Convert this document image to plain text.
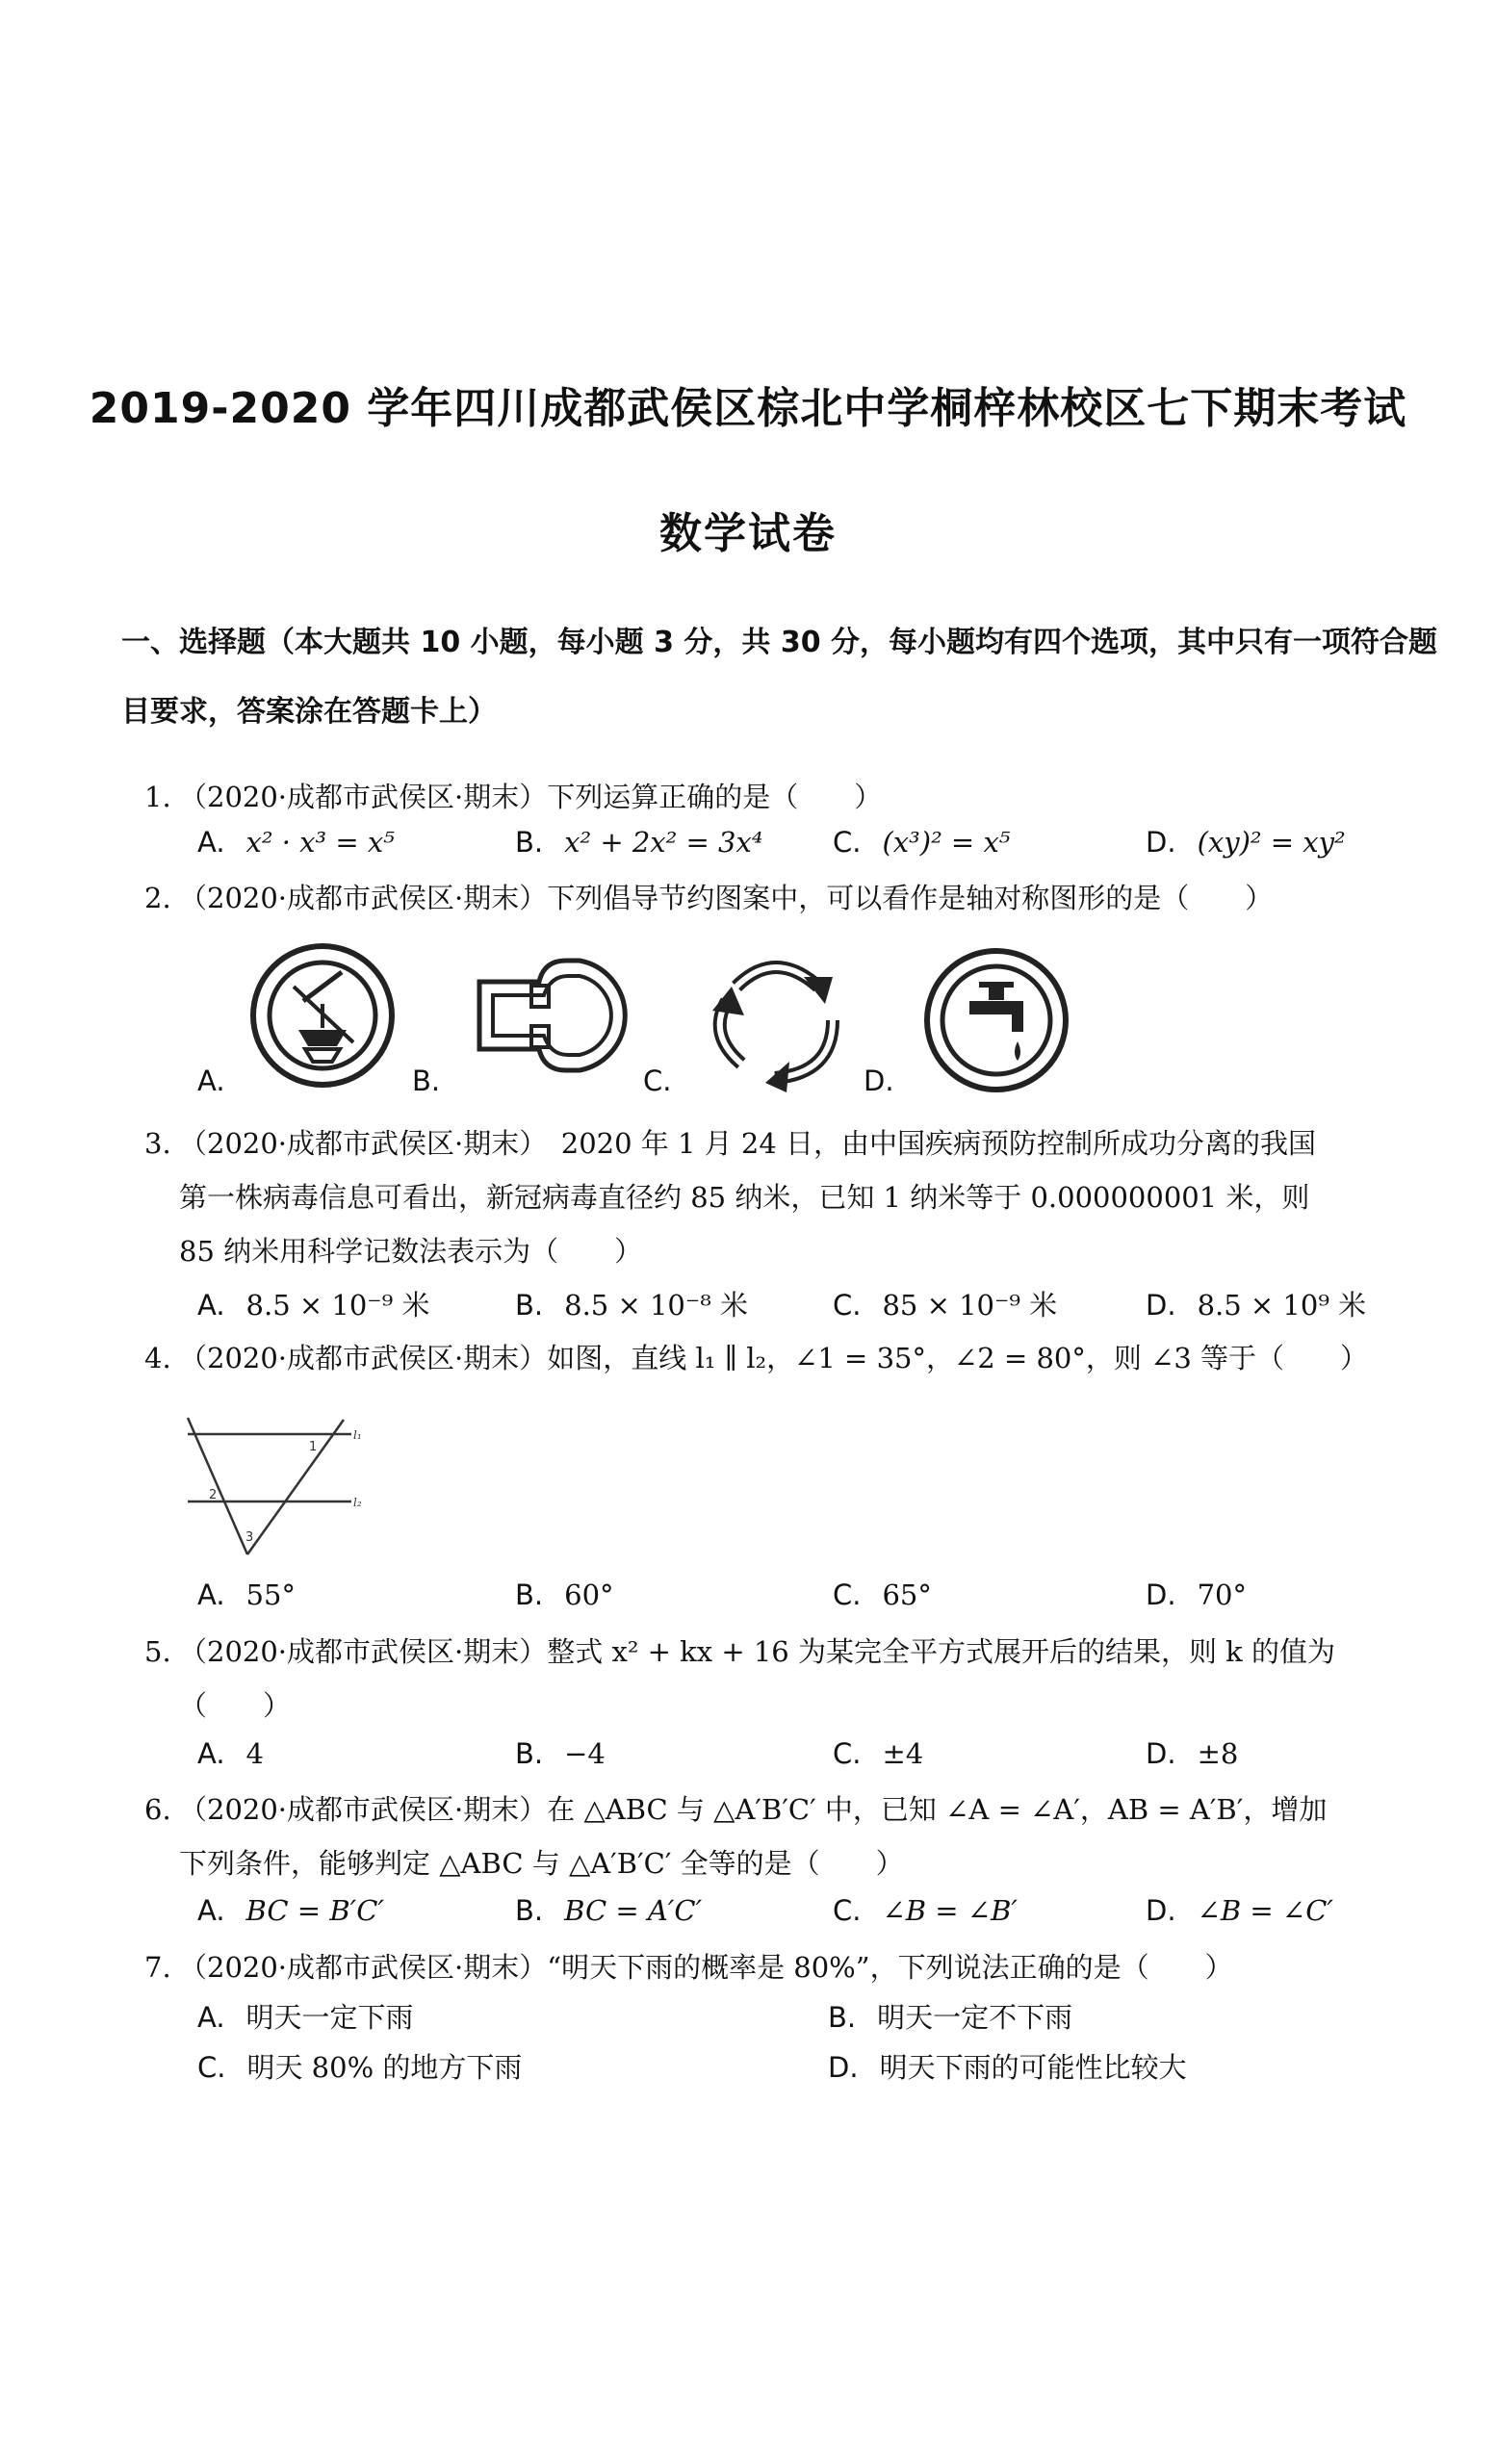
2019-2020 学年四川成都武侯区棕北中学桐梓林校区七下期末考试
数学试卷
一、选择题（本大题共 10 小题，每小题 3 分，共 30 分，每小题均有四个选项，其中只有一项符合题目要求，答案涂在答题卡上）
1. （2020·成都市武侯区·期末）下列运算正确的是（　　）
A. x² · x³ = x⁵	B. x² + 2x² = 3x⁴	C. (x³)² = x⁵	D. (xy)² = xy²
2. （2020·成都市武侯区·期末）下列倡导节约图案中，可以看作是轴对称图形的是（　　）
A.	B.	C.	D.
3. （2020·成都市武侯区·期末）　2020 年 1 月 24 日，由中国疾病预防控制所成功分离的我国
第一株病毒信息可看出，新冠病毒直径约 85 纳米，已知 1 纳米等于 0.000000001 米，则
85 纳米用科学记数法表示为（　　）
A. 8.5 × 10⁻⁹ 米	B. 8.5 × 10⁻⁸ 米	C. 85 × 10⁻⁹ 米	D. 8.5 × 10⁹ 米
4. （2020·成都市武侯区·期末）如图，直线 l₁ ∥ l₂，∠1 = 35°，∠2 = 80°，则 ∠3 等于（　　）
l₁
l₂
1
2
3
A. 55°	B. 60°	C. 65°	D. 70°
5. （2020·成都市武侯区·期末）整式 x² + kx + 16 为某完全平方式展开后的结果，则 k 的值为
（　　）
A. 4	B. −4	C. ±4	D. ±8
6. （2020·成都市武侯区·期末）在 △ABC 与 △A′B′C′ 中，已知 ∠A = ∠A′，AB = A′B′，增加
下列条件，能够判定 △ABC 与 △A′B′C′ 全等的是（　　）
A. BC = B′C′	B. BC = A′C′	C. ∠B = ∠B′	D. ∠B = ∠C′
7. （2020·成都市武侯区·期末）“明天下雨的概率是 80%”，下列说法正确的是（　　）
A. 明天一定下雨	B. 明天一定不下雨
C. 明天 80% 的地方下雨	D. 明天下雨的可能性比较大
